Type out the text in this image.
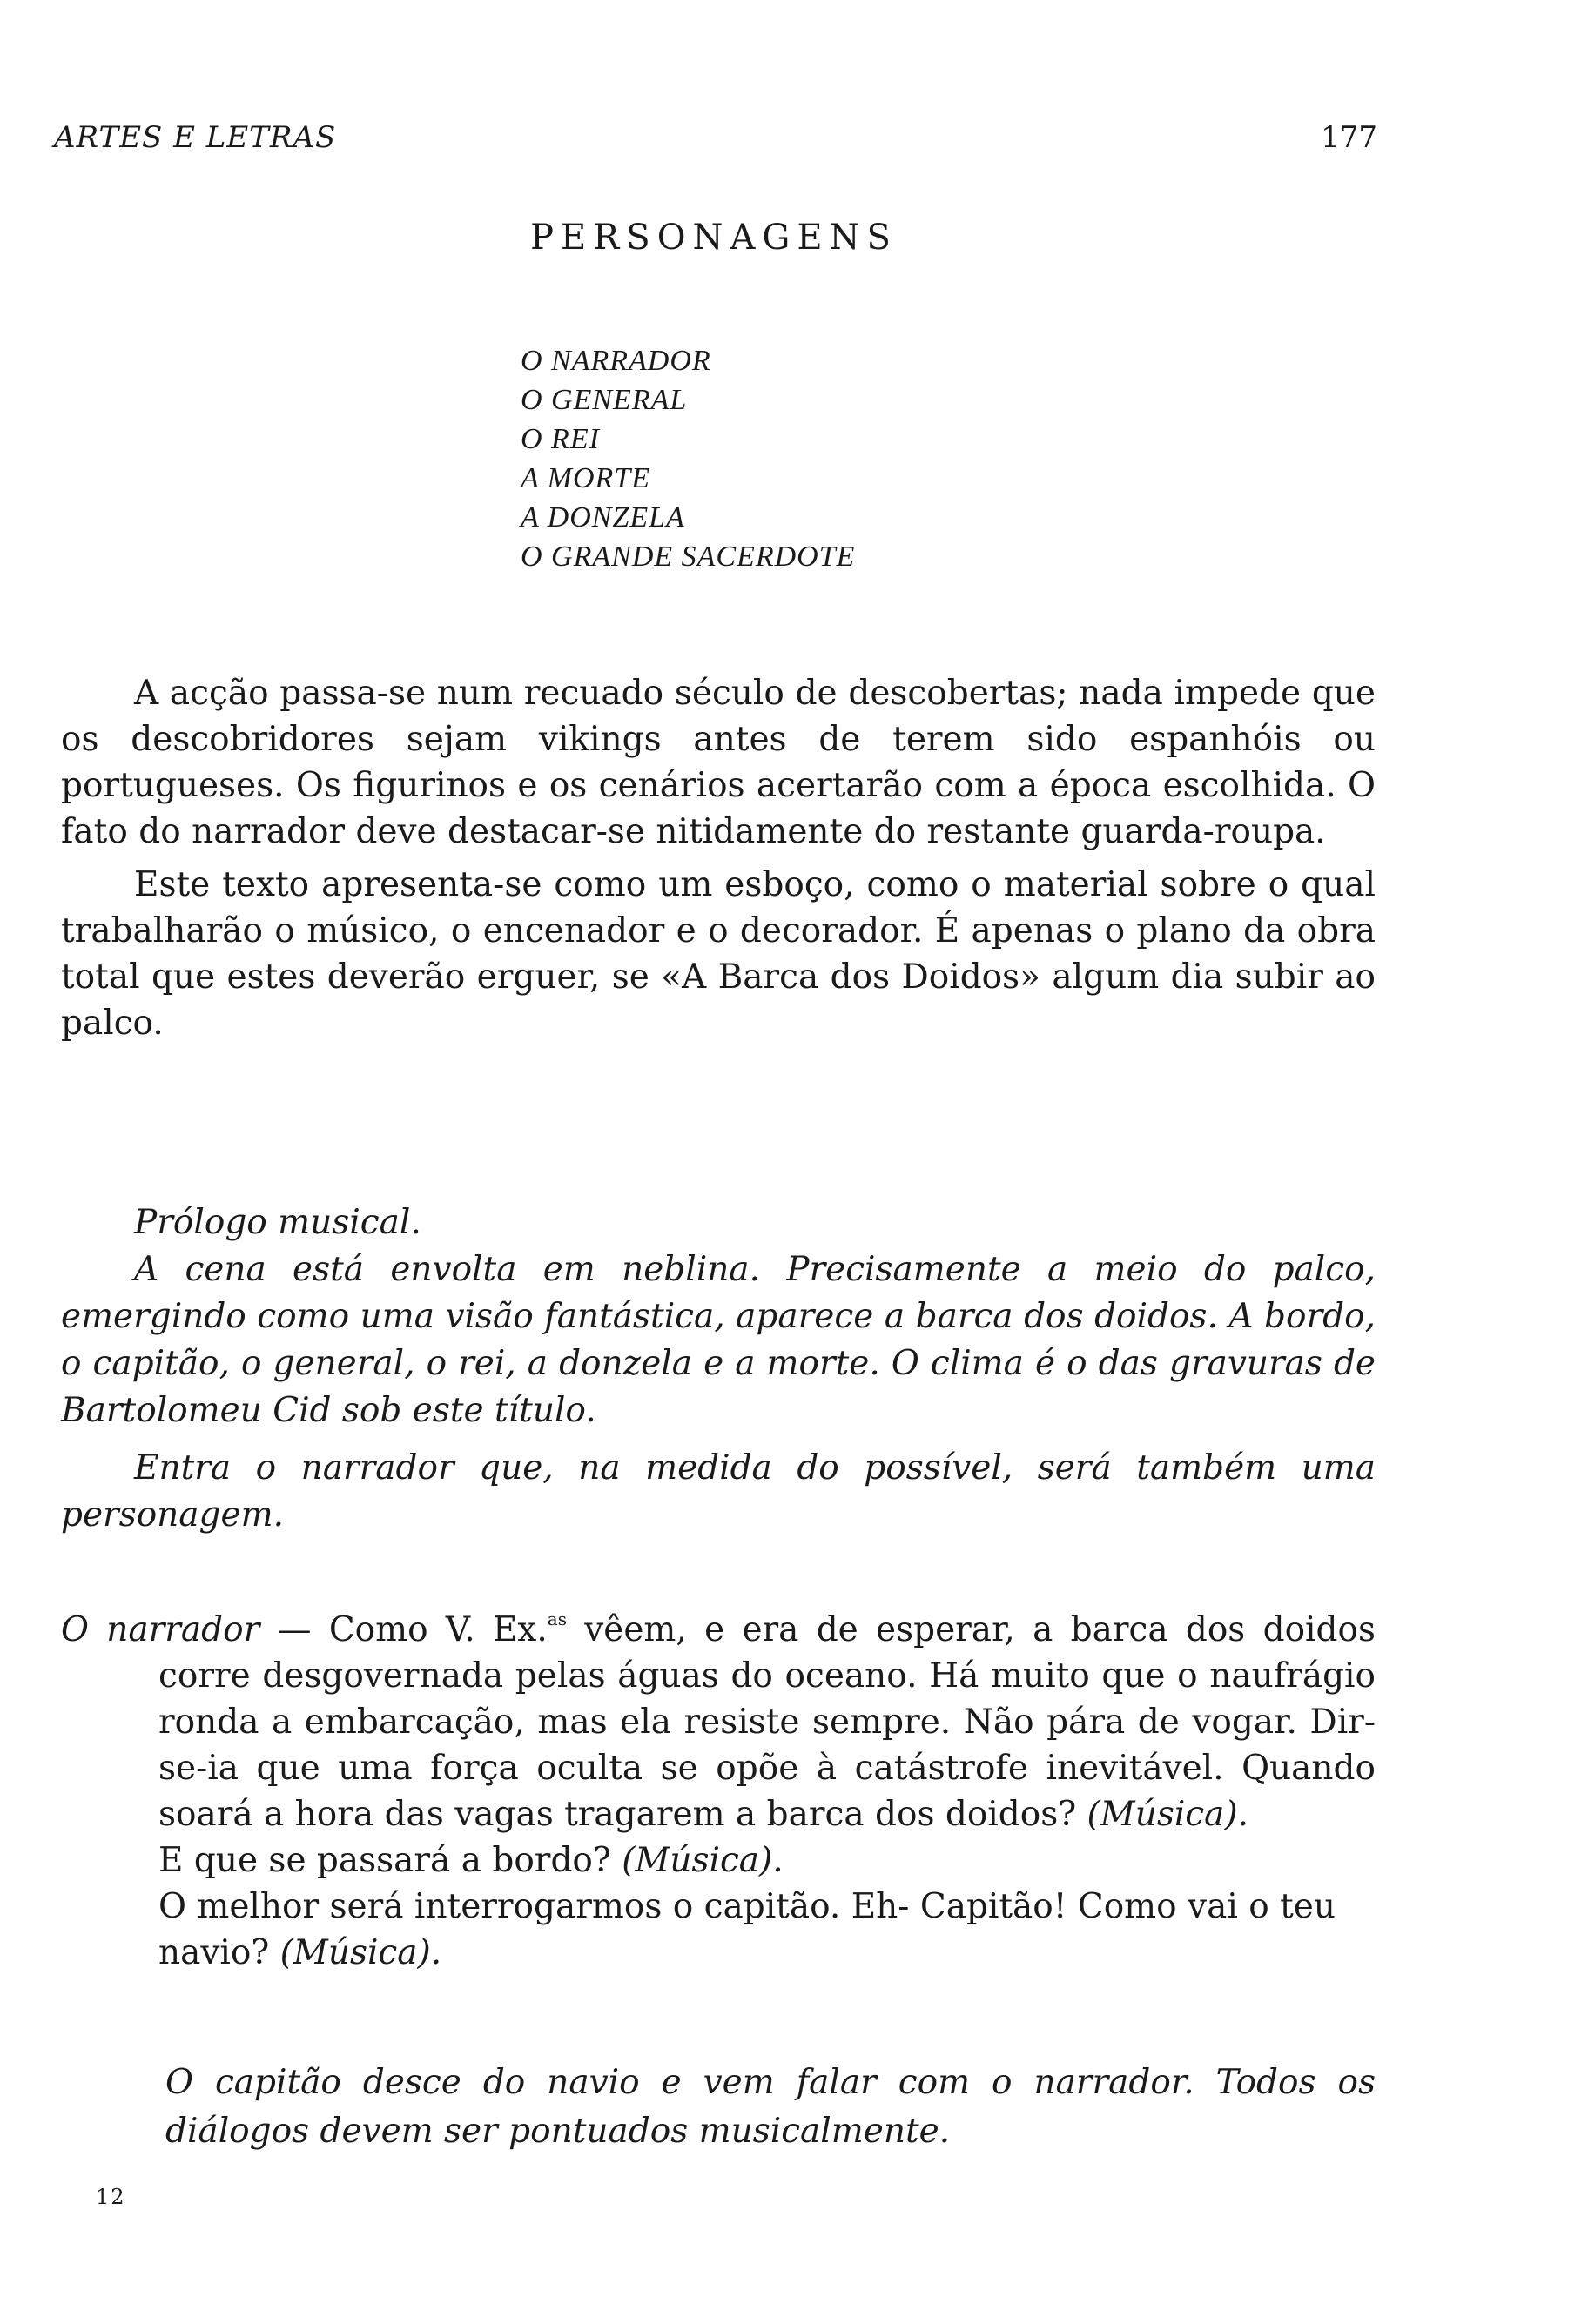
ARTES E LETRAS	177
PERSONAGENS
O NARRADOR
O GENERAL
O REI
A MORTE
A DONZELA
O GRANDE SACERDOTE

A acção passa-se num recuado século de descobertas; nada impede que os descobridores sejam vikings antes de terem sido espanhóis ou portugueses. Os figurinos e os cenários acertarão com a época escolhida. O fato do narrador deve destacar-se nitidamente do restante guarda-roupa.

Este texto apresenta-se como um esboço, como o material sobre o qual trabalharão o músico, o encenador e o decorador. É apenas o plano da obra total que estes deverão erguer, se «A Barca dos Doidos» algum dia subir ao palco.

Prólogo musical.

A cena está envolta em neblina. Precisamente a meio do palco, emergindo como uma visão fantástica, aparece a barca dos doidos. A bordo, o capitão, o general, o rei, a donzela e a morte. O clima é o das gravuras de Bartolomeu Cid sob este título.

Entra o narrador que, na medida do possível, será também uma personagem.

O narrador — Como V. Ex.$^{as}$ vêem, e era de esperar, a barca dos doidos corre desgovernada pelas águas do oceano. Há muito que o naufrágio ronda a embarcação, mas ela resiste sempre. Não pára de vogar. Dir-se-ia que uma força oculta se opõe à catástrofe inevitável. Quando soará a hora das vagas tragarem a barca dos doidos? (Música).

E que se passará a bordo? (Música).

O melhor será interrogarmos o capitão. Eh- Capitão! Como vai o teu navio? (Música).

O capitão desce do navio e vem falar com o narrador. Todos os diálogos devem ser pontuados musicalmente.

12
